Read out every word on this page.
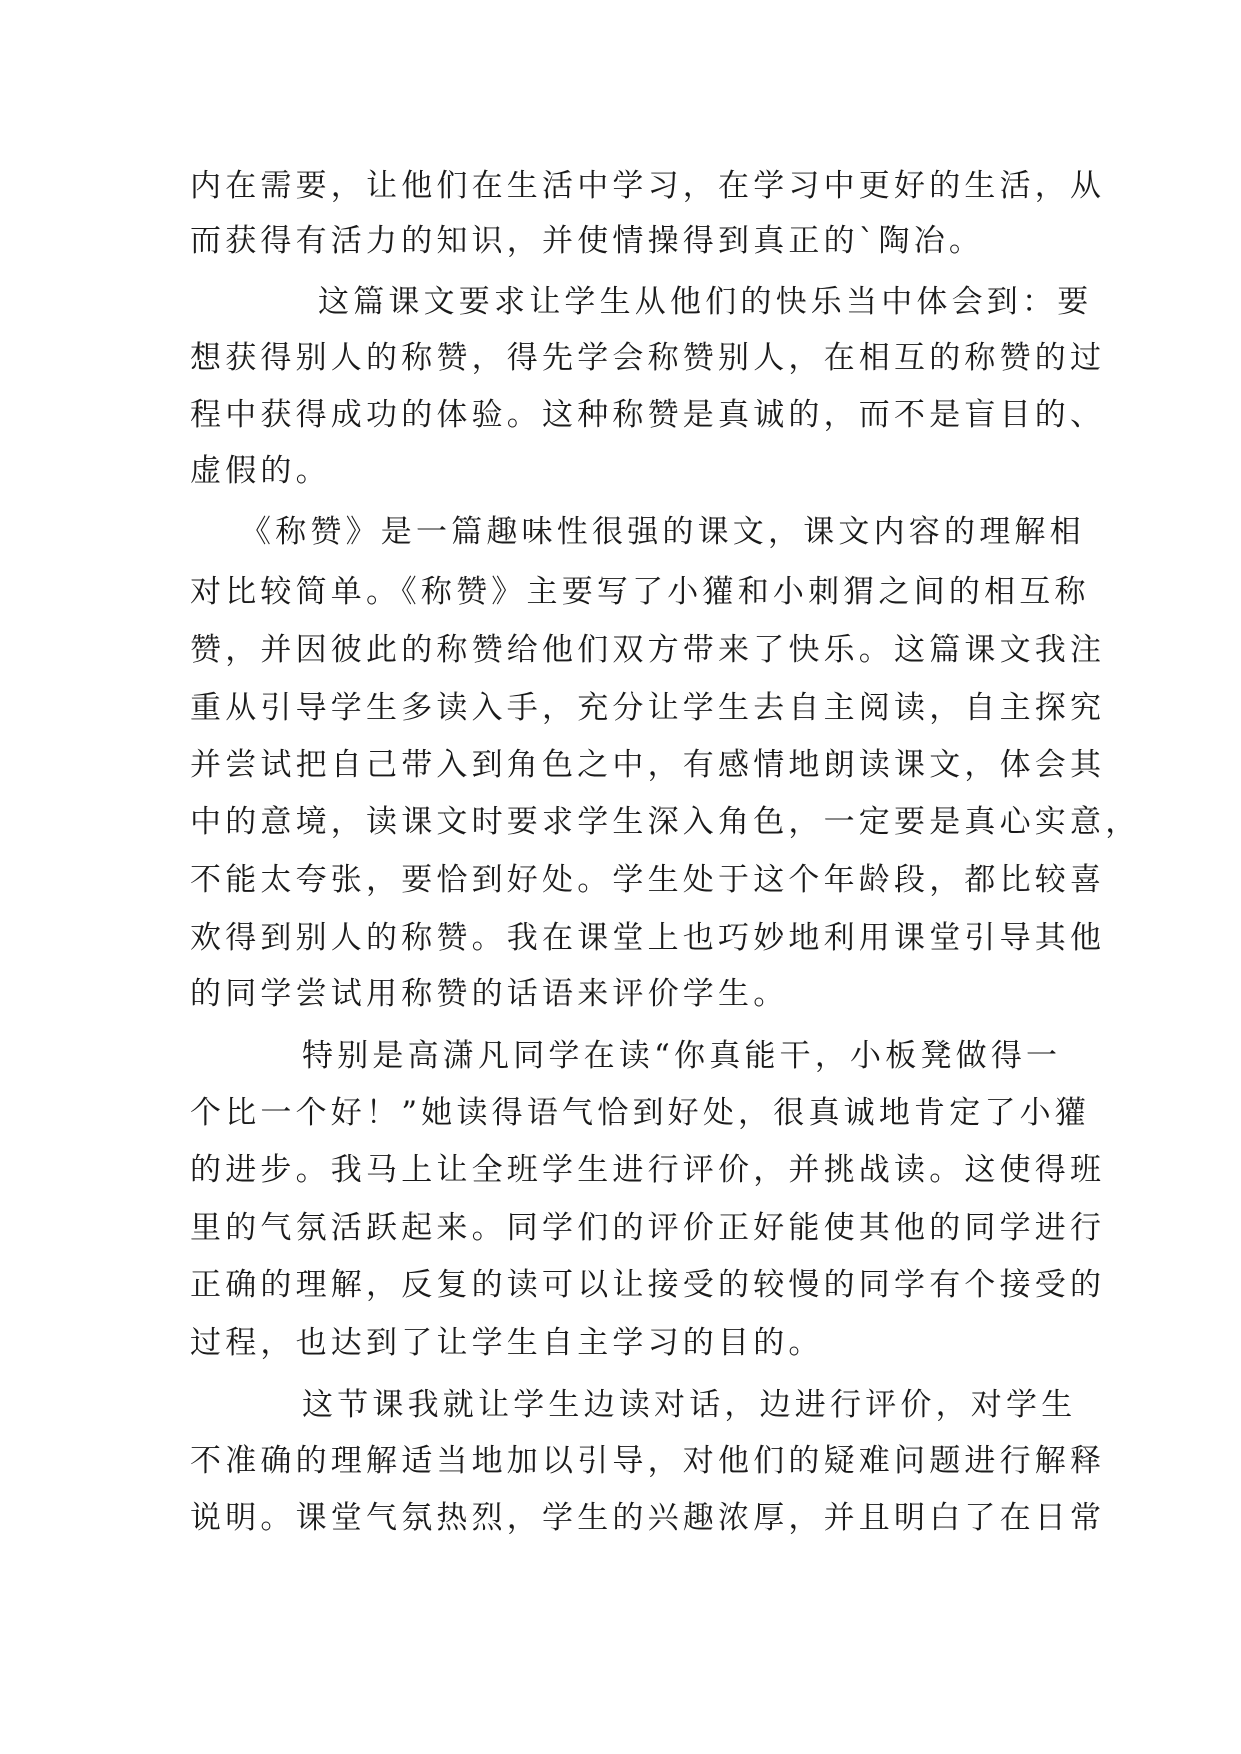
内在需要，让他们在生活中学习，在学习中更好的生活，从
而获得有活力的知识，并使情操得到真正的`陶冶。
这篇课文要求让学生从他们的快乐当中体会到：要
想获得别人的称赞，得先学会称赞别人，在相互的称赞的过
程中获得成功的体验。这种称赞是真诚的，而不是盲目的、
虚假的。
《称赞》是一篇趣味性很强的课文，课文内容的理解相
对比较简单。《称赞》主要写了小獾和小刺猬之间的相互称
赞，并因彼此的称赞给他们双方带来了快乐。这篇课文我注
重从引导学生多读入手，充分让学生去自主阅读，自主探究
并尝试把自己带入到角色之中，有感情地朗读课文，体会其
中的意境，读课文时要求学生深入角色，一定要是真心实意，
不能太夸张，要恰到好处。学生处于这个年龄段，都比较喜
欢得到别人的称赞。我在课堂上也巧妙地利用课堂引导其他
的同学尝试用称赞的话语来评价学生。
特别是高潇凡同学在读“你真能干，小板凳做得一
个比一个好！”她读得语气恰到好处，很真诚地肯定了小獾
的进步。我马上让全班学生进行评价，并挑战读。这使得班
里的气氛活跃起来。同学们的评价正好能使其他的同学进行
正确的理解，反复的读可以让接受的较慢的同学有个接受的
过程，也达到了让学生自主学习的目的。
这节课我就让学生边读对话，边进行评价，对学生
不准确的理解适当地加以引导，对他们的疑难问题进行解释
说明。课堂气氛热烈，学生的兴趣浓厚，并且明白了在日常
